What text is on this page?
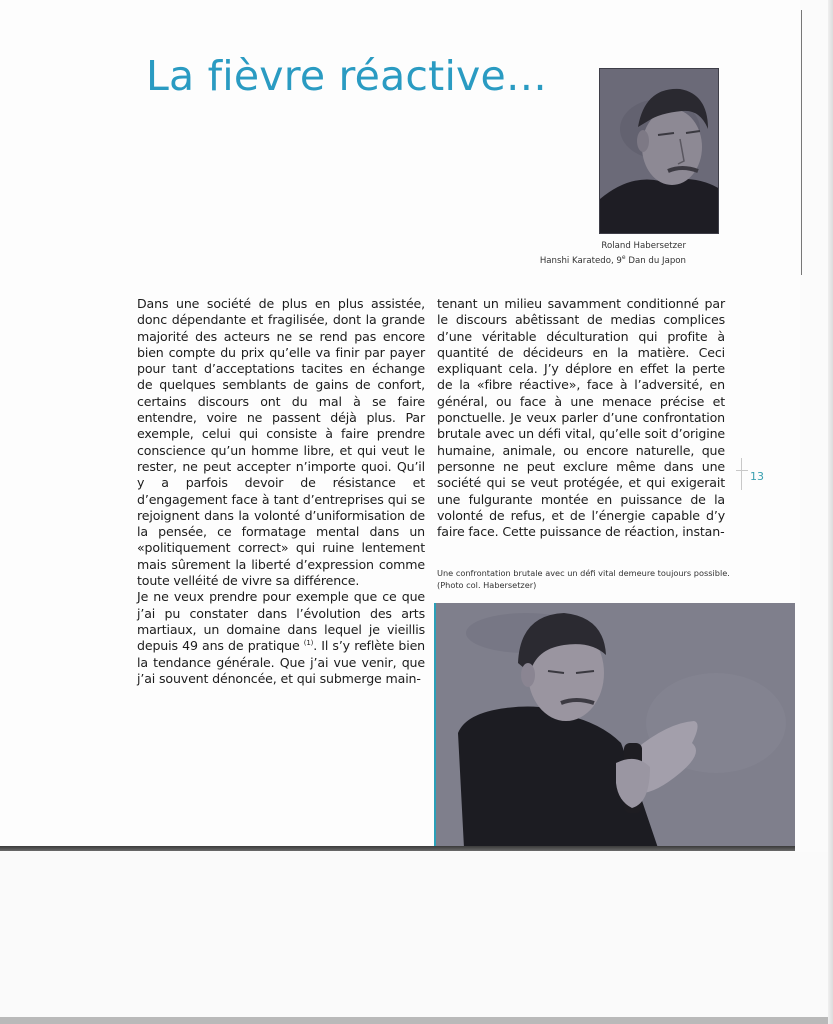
La fièvre réactive…
Roland Habersetzer
Hanshi Karatedo, 9e Dan du Japon

Dans une société de plus en plus assistée, donc dépendante et fragilisée, dont la grande majorité des acteurs ne se rend pas encore bien compte du prix qu’elle va finir par payer pour tant d’acceptations tacites en échange de quelques semblants de gains de confort, certains discours ont du mal à se faire entendre, voire ne passent déjà plus. Par exemple, celui qui consiste à faire prendre conscience qu’un homme libre, et qui veut le rester, ne peut accepter n’importe quoi. Qu’il y a parfois devoir de résistance et d’engagement face à tant d’entreprises qui se rejoignent dans la volonté d’uniformisation de la pensée, ce formatage mental dans un «politiquement correct» qui ruine lentement mais sûrement la liberté d’expression comme toute velléité de vivre sa différence.

Je ne veux prendre pour exemple que ce que j’ai pu constater dans l’évolution des arts martiaux, un domaine dans lequel je vieillis depuis 49 ans de pratique $^{(1)}$. Il s’y reflète bien la tendance générale. Que j’ai vue venir, que j’ai souvent dénoncée, et qui submerge main-

tenant un milieu savamment conditionné par le discours abêtissant de medias complices d’une véritable déculturation qui profite à quantité de décideurs en la matière. Ceci expliquant cela. J’y déplore en effet la perte de la «fibre réactive», face à l’adversité, en général, ou face à une menace précise et ponctuelle. Je veux parler d’une confrontation brutale avec un défi vital, qu’elle soit d’origine humaine, animale, ou encore naturelle, que personne ne peut exclure même dans une société qui se veut protégée, et qui exigerait une fulgurante montée en puissance de la volonté de refus, et de l’énergie capable d’y faire face. Cette puissance de réaction, instan-

Une confrontation brutale avec un défi vital demeure toujours possible. (Photo col. Habersetzer)
13
